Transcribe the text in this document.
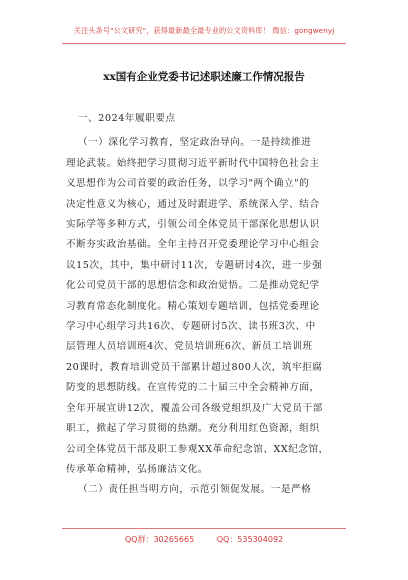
关注头条号"公文研究"，获得最新最全最专业的公文资料库！ 微信：gongwenyj
xx国有企业党委书记述职述廉工作情况报告
一、2024年履职要点
（一）深化学习教育，坚定政治导向。一是持续推进
理论武装。始终把学习贯彻习近平新时代中国特色社会主
义思想作为公司首要的政治任务，以学习"两个确立"的
决定性意义为核心，通过及时跟进学、系统深入学、结合
实际学等多种方式，引领公司全体党员干部深化思想认识
不断夯实政治基础。全年主持召开党委理论学习中心组会
议15次，其中，集中研讨11次，专题研讨4次，进一步强
化公司党员干部的思想信念和政治觉悟。二是推动党纪学
习教育常态化制度化。精心策划专题培训，包括党委理论
学习中心组学习共16次、专题研讨5次、读书班3次、中
层管理人员培训班4次、党员培训班6次、新员工培训班
20课时，教育培训党员干部累计超过800人次，筑牢拒腐
防变的思想防线。在宣传党的二十届三中全会精神方面，
全年开展宣讲12次，覆盖公司各级党组织及广大党员干部
职工，掀起了学习贯彻的热潮。充分利用红色资源，组织
公司全体党员干部及职工参观XX革命纪念馆、XX纪念馆，
传承革命精神，弘扬廉洁文化。
（二）责任担当明方向，示范引领促发展。一是严格
QQ群：30265665	QQ：535304092
